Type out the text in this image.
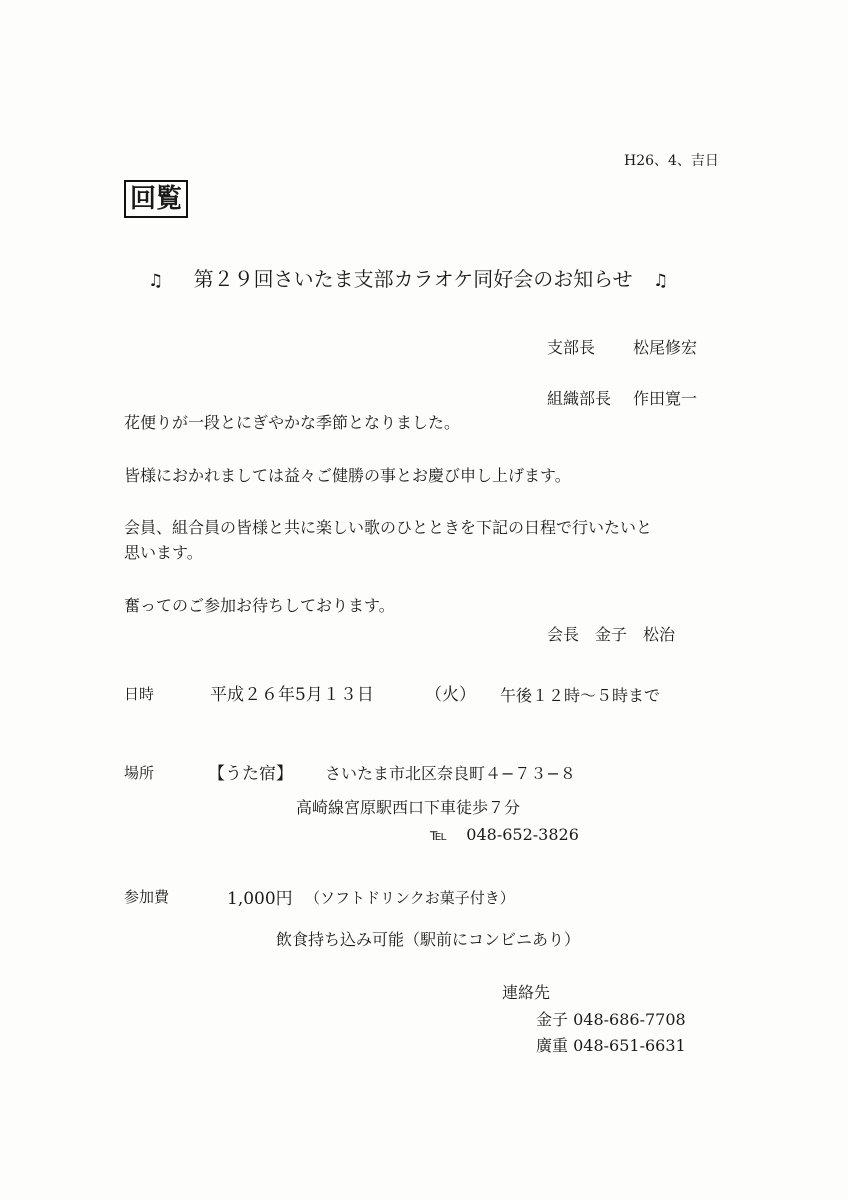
H26、4、吉日
回覧
♫ 第２９回さいたま支部カラオケ同好会のお知らせ ♫
支部長 松尾修宏
組織部長 作田寛一
花便りが一段とにぎやかな季節となりました。
皆様におかれましては益々ご健勝の事とお慶び申し上げます。
会員、組合員の皆様と共に楽しい歌のひとときを下記の日程で行いたいと
思います。
奮ってのご参加お待ちしております。
会長　金子　松治
日時	平成２６年5月１３日	（火） 午後１２時～５時まで
場所	【うた宿】 さいたま市北区奈良町４−７３−８
高崎線宮原駅西口下車徒歩７分
℡ 048-652-3826
参加費	1,000円 （ソフトドリンクお菓子付き）
飲食持ち込み可能（駅前にコンビニあり）
連絡先
金子 048-686-7708
廣重 048-651-6631
